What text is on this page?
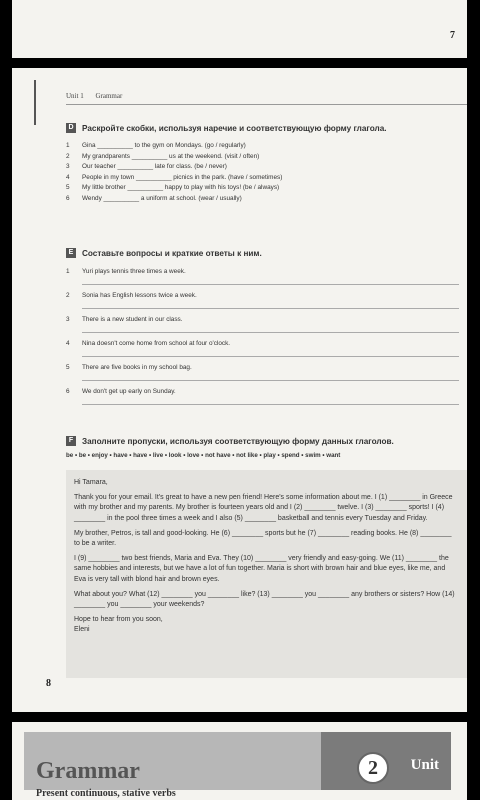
7
Unit 1 Grammar
D	Раскройте скобки, используя наречие и соответствующую форму глагола.
1	Gina __________ to the gym on Mondays. (go / regularly)
2	My grandparents __________ us at the weekend. (visit / often)
3	Our teacher __________ late for class. (be / never)
4	People in my town __________ picnics in the park. (have / sometimes)
5	My little brother __________ happy to play with his toys! (be / always)
6	Wendy __________ a uniform at school. (wear / usually)
E	Составьте вопросы и краткие ответы к ним.
1 Yuri plays tennis three times a week.
2 Sonia has English lessons twice a week.
3 There is a new student in our class.
4 Nina doesn't come home from school at four o'clock.
5 There are five books in my school bag.
6 We don't get up early on Sunday.
F	Заполните пропуски, используя соответствующую форму данных глаголов.
be • be • enjoy • have • have • live • look • love • not have • not like • play • spend • swim • want

Hi Tamara,

Thank you for your email. It's great to have a new pen friend! Here's some information about me. I (1) ________ in Greece with my brother and my parents. My brother is fourteen years old and I (2) ________ twelve. I (3) ________ sports! I (4) ________ in the pool three times a week and I also (5) ________ basketball and tennis every Tuesday and Friday.

My brother, Petros, is tall and good-looking. He (6) ________ sports but he (7) ________ reading books. He (8) ________ to be a writer.

I (9) ________ two best friends, Maria and Eva. They (10) ________ very friendly and easy-going. We (11) ________ the same hobbies and interests, but we have a lot of fun together. Maria is short with brown hair and blue eyes, like me, and Eva is very tall with blond hair and brown eyes.

What about you? What (12) ________ you ________ like? (13) ________ you ________ any brothers or sisters? How (14) ________ you ________ your weekends?

Hope to hear from you soon,
Eleni
8
Grammar	2	Unit
Present continuous, stative verbs
